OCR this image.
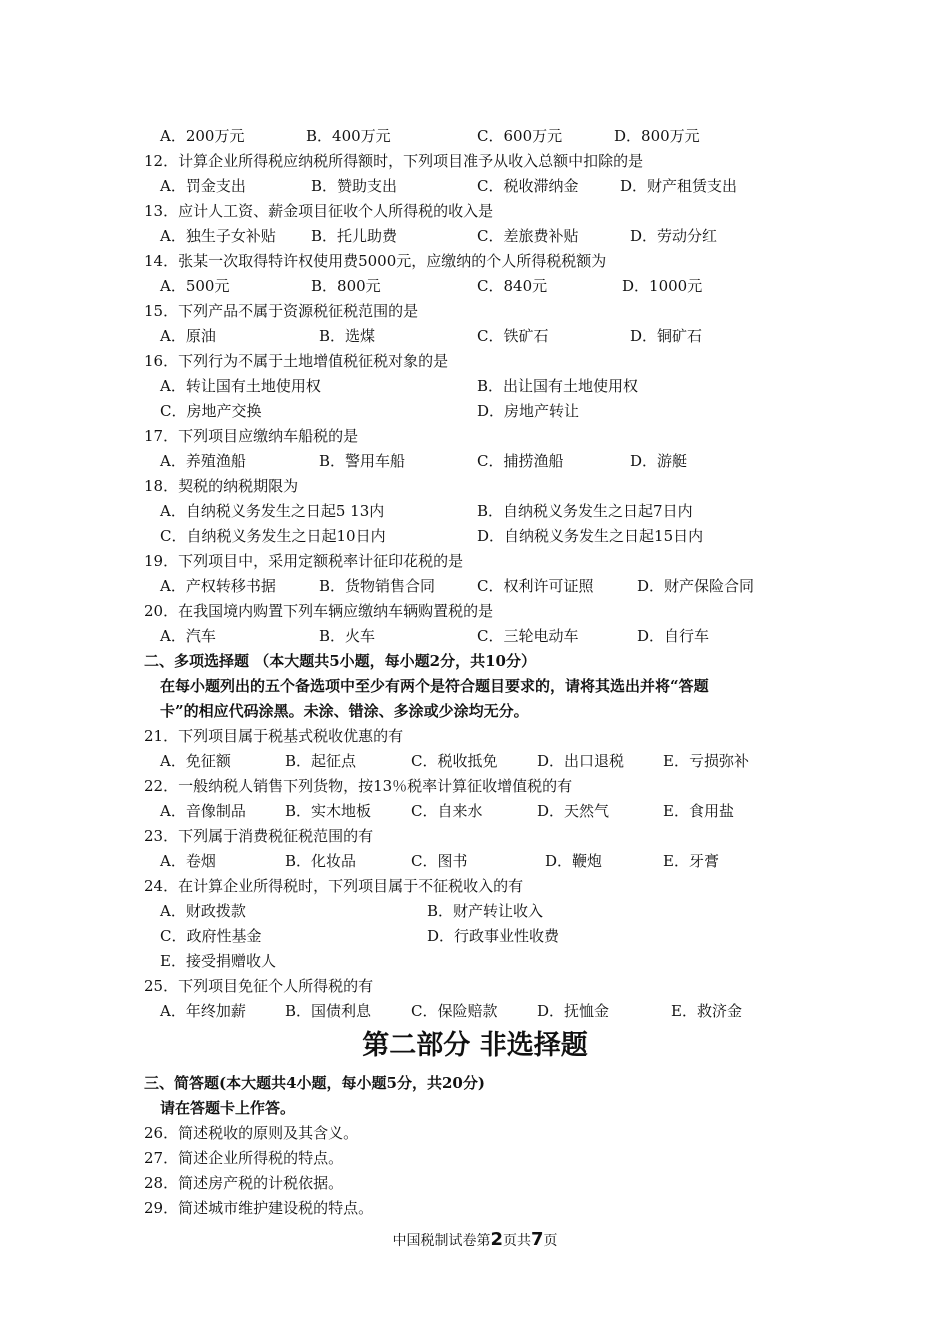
A．200万元	B．400万元	C．600万元	D．800万元
12．计算企业所得税应纳税所得额时，下列项目准予从收入总额中扣除的是
A．罚金支出	B．赞助支出	C．税收滞纳金	D．财产租赁支出
13．应计人工资、薪金项目征收个人所得税的收入是
A．独生子女补贴 B．托儿助费	C．差旅费补贴	D．劳动分红
14．张某一次取得特许权使用费5000元，应缴纳的个人所得税税额为
A．500元	B．800元	C．840元	D．1000元
15．下列产品不属于资源税征税范围的是
A．原油	B．选煤	C．铁矿石	D．铜矿石
16．下列行为不属于土地增值税征税对象的是
A．转让国有土地使用权	B．出让国有土地使用权
C．房地产交换	D．房地产转让
17．下列项目应缴纳车船税的是
A．养殖渔船	B．警用车船	C．捕捞渔船	D．游艇
18．契税的纳税期限为
A．自纳税义务发生之日起5 13内	B．自纳税义务发生之日起7日内
C．自纳税义务发生之日起10日内	D．自纳税义务发生之日起15日内
19．下列项目中，采用定额税率计征印花税的是
A．产权转移书据	B．货物销售合同	C．权利许可证照	D．财产保险合同
20．在我国境内购置下列车辆应缴纳车辆购置税的是
A．汽车	B．火车	C．三轮电动车	D．自行车
二、多项选择题 （本大题共5小题，每小题2分，共10分）
在每小题列出的五个备选项中至少有两个是符合题目要求的，请将其选出并将“答题
卡”的相应代码涂黑。未涂、错涂、多涂或少涂均无分。
21．下列项目属于税基式税收优惠的有
A．免征额	B．起征点	C．税收抵免	D．出口退税	E．亏损弥补
22．一般纳税人销售下列货物，按13％税率计算征收增值税的有
A．音像制品	B．实木地板	C．自来水	D．天然气	E．食用盐
23．下列属于消费税征税范围的有
A．卷烟	B．化妆品	C．图书	D．鞭炮	E．牙膏
24．在计算企业所得税时，下列项目属于不征税收入的有
A．财政拨款	B．财产转让收入
C．政府性基金	D．行政事业性收费
E．接受捐赠收人
25．下列项目免征个人所得税的有
A．年终加薪	B．国债利息	C．保险赔款	D．抚恤金	E．救济金
第二部分 非选择题
三、简答题(本大题共4小题，每小题5分，共20分)
请在答题卡上作答。
26．简述税收的原则及其含义。
27．简述企业所得税的特点。
28．简述房产税的计税依据。
29．简述城市维护建设税的特点。
中国税制试卷第2页共7页
